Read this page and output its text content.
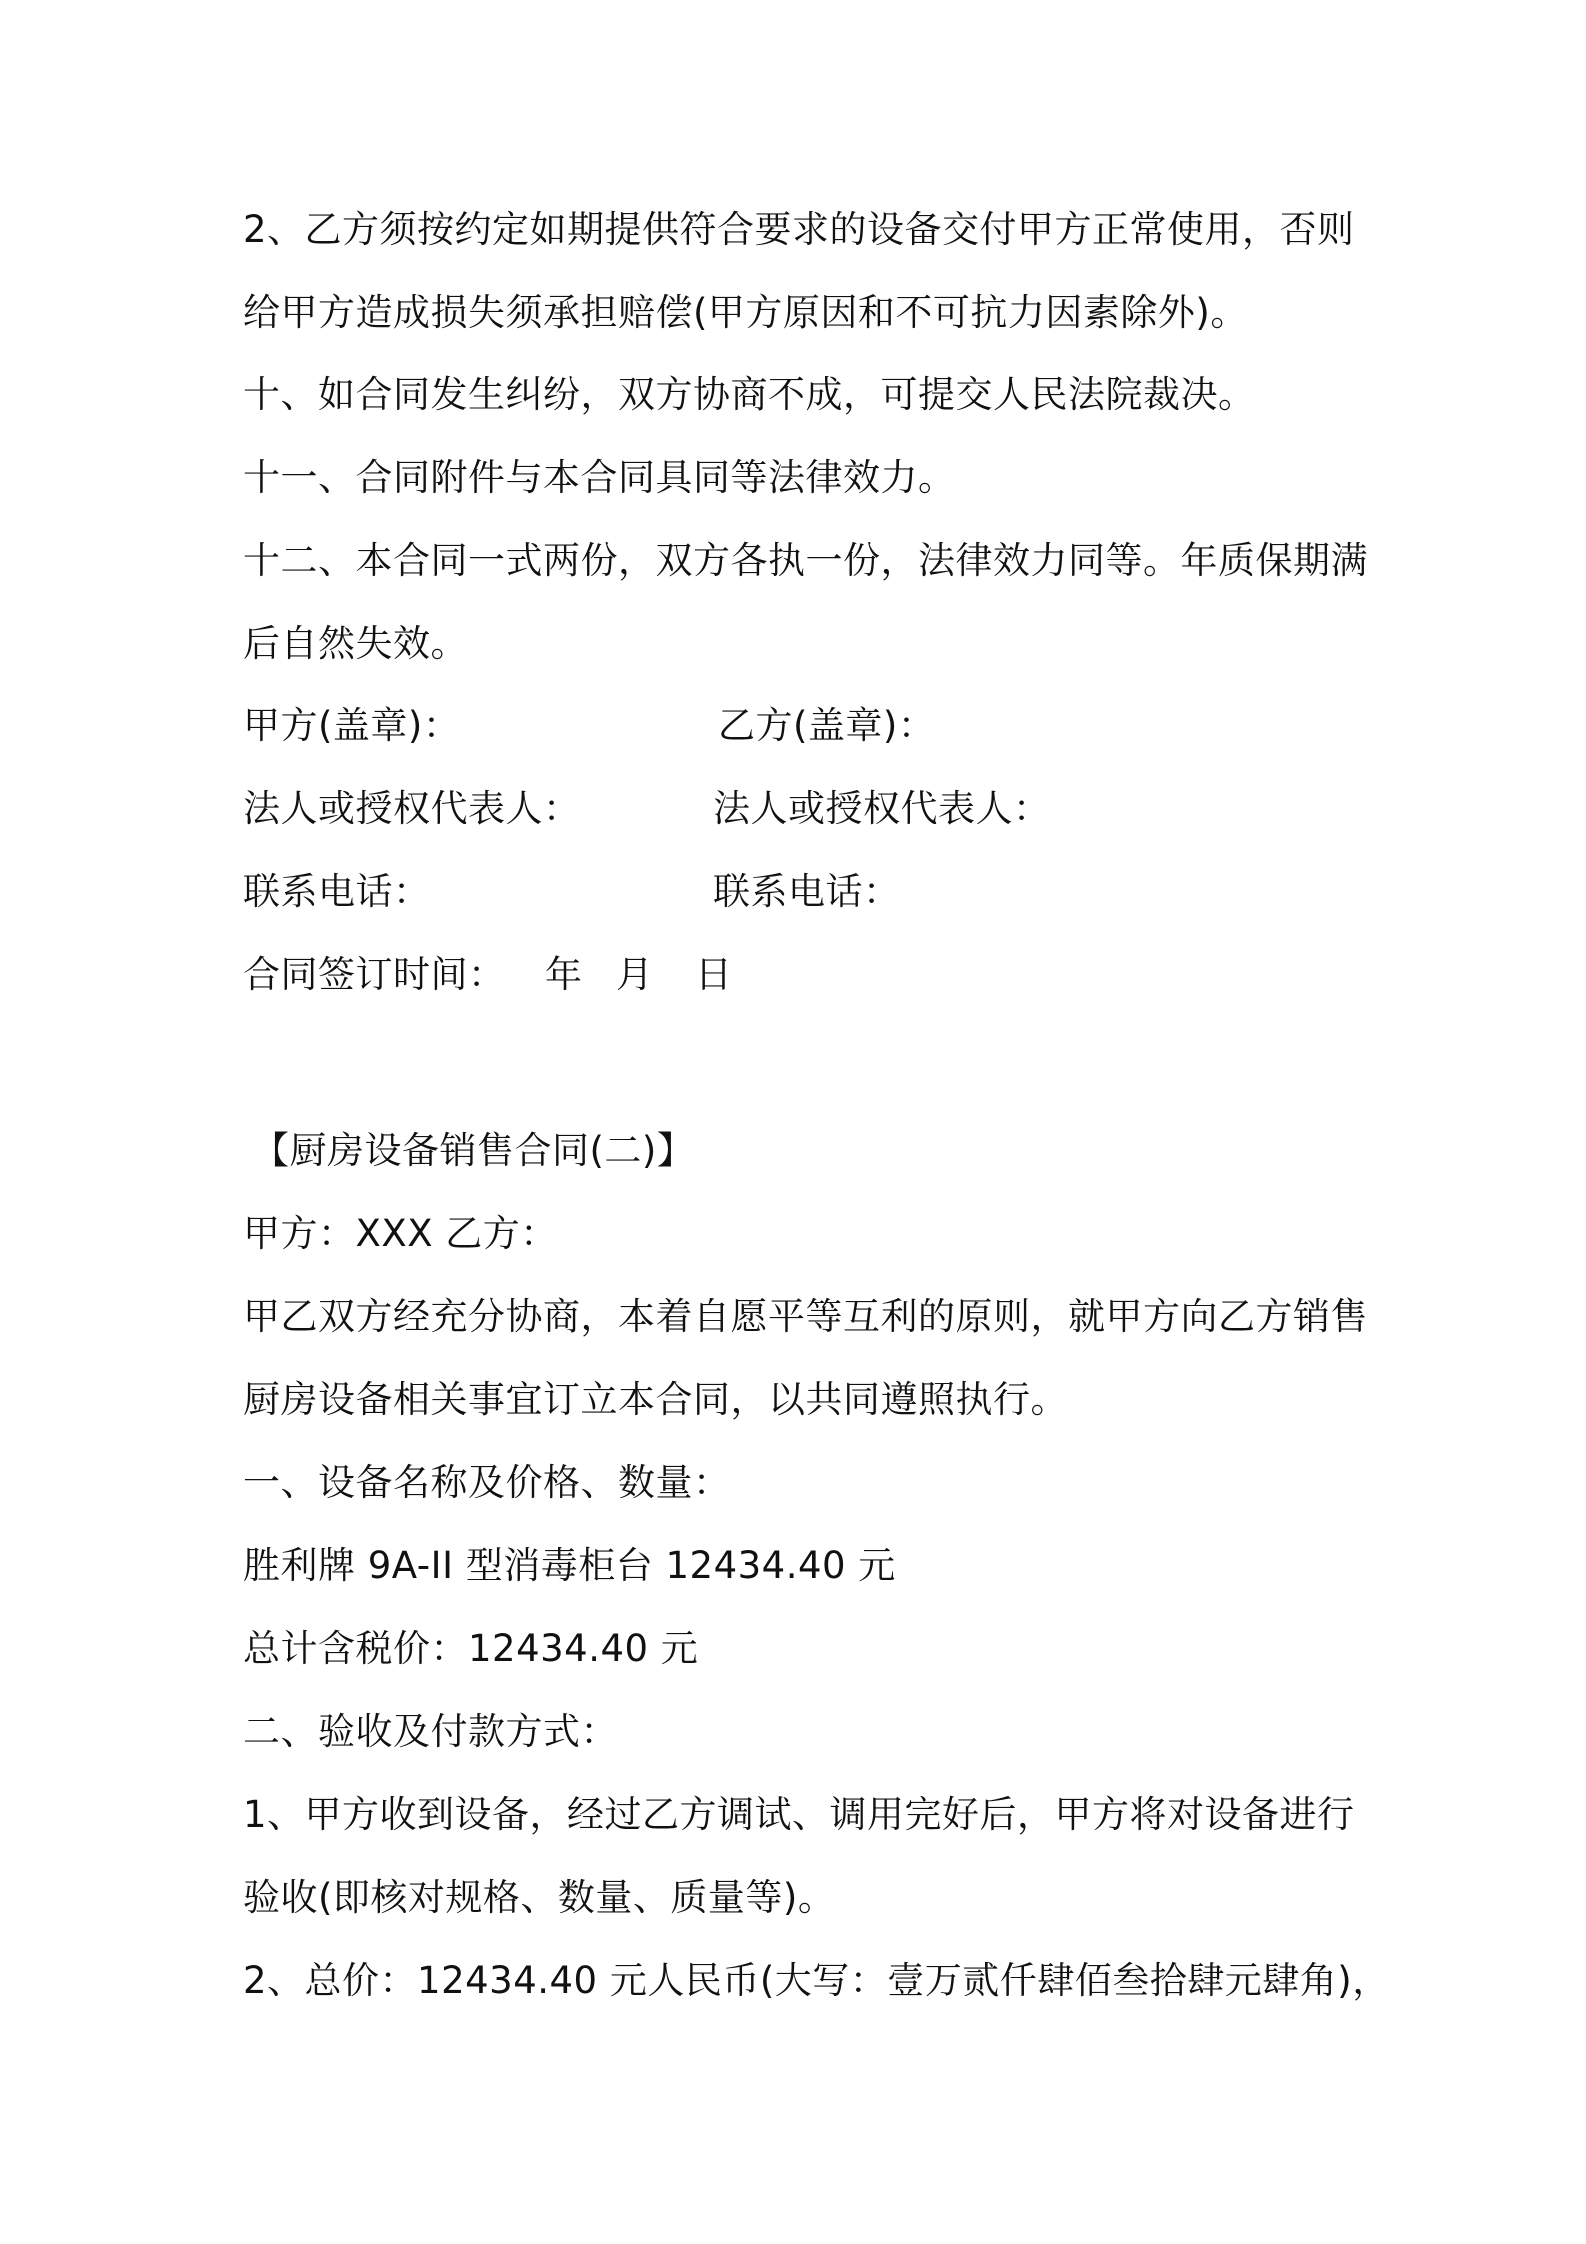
2、乙方须按约定如期提供符合要求的设备交付甲方正常使用，否则
给甲方造成损失须承担赔偿(甲方原因和不可抗力因素除外)。
十、如合同发生纠纷，双方协商不成，可提交人民法院裁决。
十一、合同附件与本合同具同等法律效力。
十二、本合同一式两份，双方各执一份，法律效力同等。年质保期满
后自然失效。
甲方(盖章)：	乙方(盖章)：
法人或授权代表人：	法人或授权代表人：
联系电话：	联系电话：
合同签订时间： 年 月 日
【厨房设备销售合同(二)】
甲方：XXX 乙方：
甲乙双方经充分协商，本着自愿平等互利的原则，就甲方向乙方销售
厨房设备相关事宜订立本合同，以共同遵照执行。
一、设备名称及价格、数量：
胜利牌 9A-II 型消毒柜台 12434.40 元
总计含税价：12434.40 元
二、验收及付款方式：
1、甲方收到设备，经过乙方调试、调用完好后，甲方将对设备进行
验收(即核对规格、数量、质量等)。
2、总价：12434.40 元人民币(大写：壹万贰仟肆佰叁拾肆元肆角)，
